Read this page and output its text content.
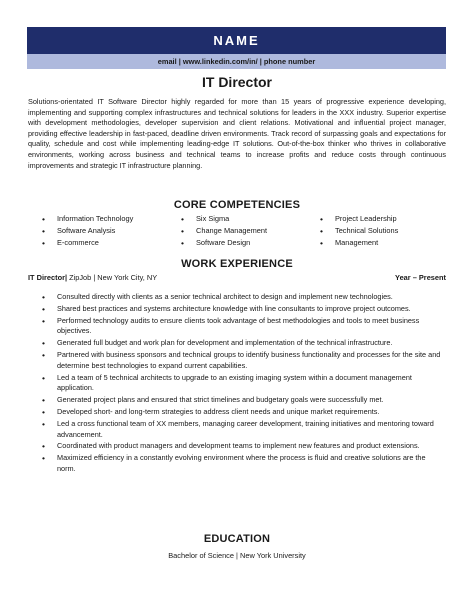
NAME
email | www.linkedin.com/in/ | phone number
IT Director
Solutions-orientated IT Software Director highly regarded for more than 15 years of progressive experience developing, implementing and supporting complex infrastructures and technical solutions for leaders in the XXX industry. Superior expertise with development methodologies, developer supervision and client relations. Motivational and influential project manager, providing effective leadership in fast-paced, deadline driven environments. Track record of surpassing goals and expectations for quality, schedule and cost while implementing leading-edge IT solutions. Out-of-the-box thinker who thrives in collaborative environments, working across business and technical teams to increase profits and reduce costs through continuous improvements and strategic IT infrastructure planning.
CORE COMPETENCIES
• Information Technology
• Software Analysis
• E-commerce
• Six Sigma
• Change Management
• Software Design
• Project Leadership
• Technical Solutions
• Management
WORK EXPERIENCE
IT Director| ZipJob | New York City, NY	Year – Present
• Consulted directly with clients as a senior technical architect to design and implement new technologies.
• Shared best practices and systems architecture knowledge with line consultants to improve project outcomes.
• Performed technology audits to ensure clients took advantage of best methodologies and tools to meet business objectives.
• Generated full budget and work plan for development and implementation of the technical infrastructure.
• Partnered with business sponsors and technical groups to identify business functionality and processes for the site and determine best technologies to expand current capabilities.
• Led a team of 5 technical architects to upgrade to an existing imaging system within a document management application.
• Generated project plans and ensured that strict timelines and budgetary goals were successfully met.
• Developed short- and long-term strategies to address client needs and unique market requirements.
• Led a cross functional team of XX members, managing career development, training initiatives and mentoring toward advancement.
• Coordinated with product managers and development teams to implement new features and product extensions.
• Maximized efficiency in a constantly evolving environment where the process is fluid and creative solutions are the norm.
EDUCATION
Bachelor of Science | New York University
